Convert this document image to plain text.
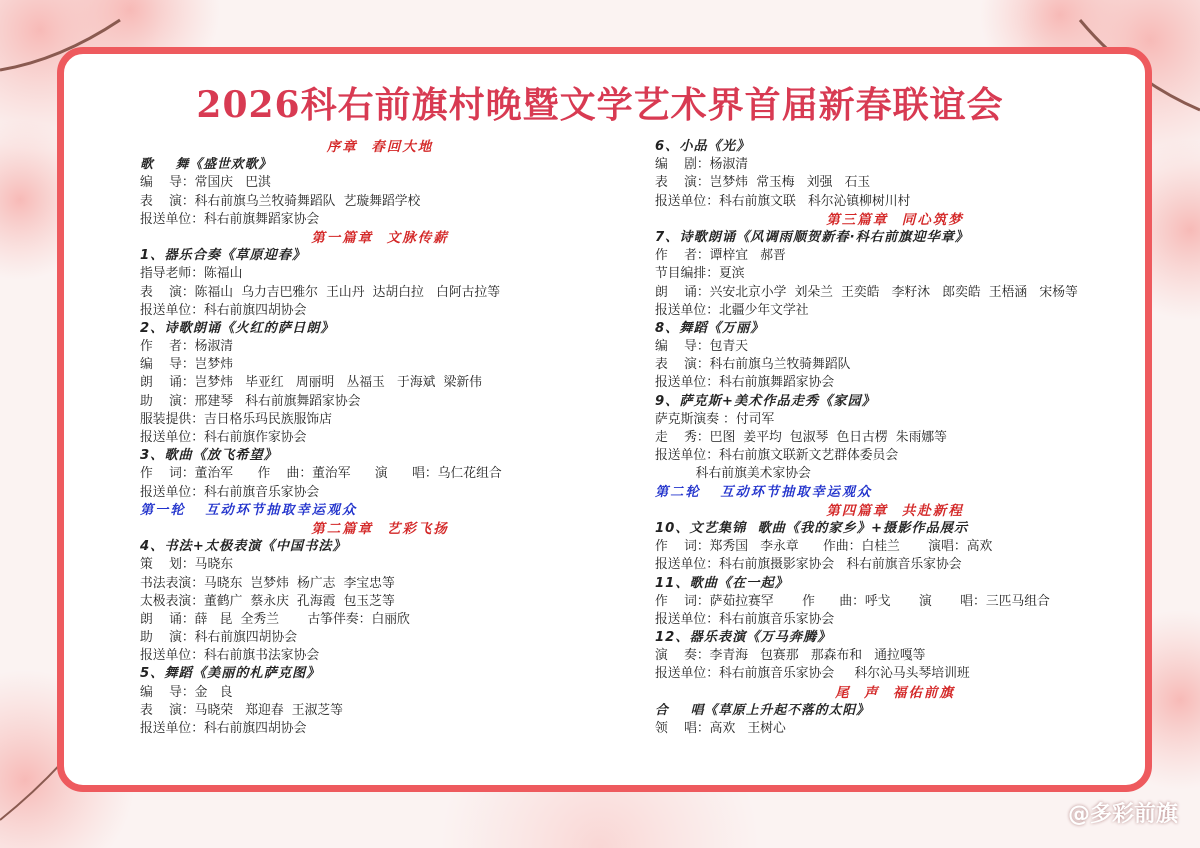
2026科右前旗村晚暨文学艺术界首届新春联谊会
序章  春回大地
歌    舞《盛世欢歌》
编    导：常国庆   巴淇
表    演：科右前旗乌兰牧骑舞蹈队  艺璇舞蹈学校
报送单位：科右前旗舞蹈家协会
第一篇章  文脉传薪
1、器乐合奏《草原迎春》
指导老师：陈福山
表    演：陈福山  乌力吉巴雅尔  王山丹  达胡白拉   白阿古拉等
报送单位：科右前旗四胡协会
2、诗歌朗诵《火红的萨日朗》
作    者：杨淑清
编    导：岂梦炜
朗    诵：岂梦炜   毕亚红   周丽明   丛福玉   于海斌  梁新伟
助    演：邢建琴   科右前旗舞蹈家协会
服装提供：吉日格乐玛民族服饰店
报送单位：科右前旗作家协会
3、歌曲《放飞希望》
作    词：董治军      作    曲：董治军      演      唱：乌仁花组合
报送单位：科右前旗音乐家协会
第一轮   互动环节抽取幸运观众
第二篇章  艺彩飞扬
4、书法+太极表演《中国书法》
策    划：马晓东
书法表演：马晓东  岂梦炜  杨广志  李宝忠等
太极表演：董鹤广  蔡永庆  孔海霞  包玉芝等
朗    诵：薛   昆  全秀兰       古筝伴奏：白丽欣
助    演：科右前旗四胡协会
报送单位：科右前旗书法家协会
5、舞蹈《美丽的札萨克图》
编    导：金   良
表    演：马晓荣   郑迎春  王淑芝等
报送单位：科右前旗四胡协会
6、小品《光》
编    剧：杨淑清
表    演：岂梦炜  常玉梅   刘强   石玉
报送单位：科右前旗文联   科尔沁镇柳树川村
第三篇章  同心筑梦
7、诗歌朗诵《风调雨顺贺新春·科右前旗迎华章》
作    者：谭梓宜   郝晋
节目编排：夏滨
朗    诵：兴安北京小学  刘朵兰  王奕皓   李籽沐   郎奕皓  王梧涵   宋杨等
报送单位：北疆少年文学社
8、舞蹈《万丽》
编    导：包青天
表    演：科右前旗乌兰牧骑舞蹈队
报送单位：科右前旗舞蹈家协会
9、萨克斯+美术作品走秀《家园》
萨克斯演奏 ：付司军
走    秀：巴图  姜平均  包淑琴  色日古楞  朱雨娜等
报送单位：科右前旗文联新文艺群体委员会
科右前旗美术家协会
第二轮   互动环节抽取幸运观众
第四篇章  共赴新程
10、文艺集锦  歌曲《我的家乡》+摄影作品展示
作    词：郑秀国   李永章      作曲：白桂兰       演唱：高欢
报送单位：科右前旗摄影家协会   科右前旗音乐家协会
11、歌曲《在一起》
作    词：萨茹拉赛罕       作      曲：呼戈       演       唱：三匹马组合
报送单位：科右前旗音乐家协会
12、器乐表演《万马奔腾》
演    奏：李青海   包赛那   那森布和   通拉嘎等
报送单位：科右前旗音乐家协会     科尔沁马头琴培训班
尾  声  福佑前旗
合    唱《草原上升起不落的太阳》
领    唱：高欢   王树心
@多彩前旗
